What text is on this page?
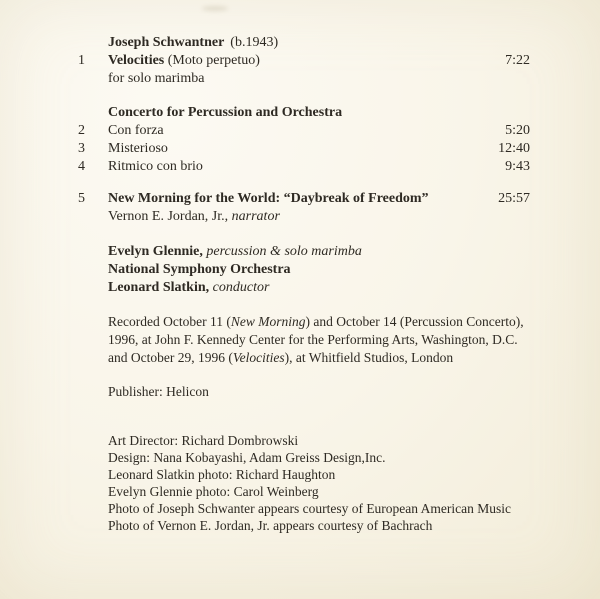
Joseph Schwantner (b.1943)
1	Velocities (Moto perpetuo)	7:22
for solo marimba
Concerto for Percussion and Orchestra
2	Con forza	5:20
3	Misterioso	12:40
4	Ritmico con brio	9:43
5	New Morning for the World: “Daybreak of Freedom”	25:57
Vernon E. Jordan, Jr., narrator
Evelyn Glennie, percussion & solo marimba
National Symphony Orchestra
Leonard Slatkin, conductor
Recorded October 11 (New Morning) and October 14 (Percussion Concerto),
1996, at John F. Kennedy Center for the Performing Arts, Washington, D.C.
and October 29, 1996 (Velocities), at Whitfield Studios, London
Publisher: Helicon
Art Director: Richard Dombrowski
Design: Nana Kobayashi, Adam Greiss Design,Inc.
Leonard Slatkin photo: Richard Haughton
Evelyn Glennie photo: Carol Weinberg
Photo of Joseph Schwanter appears courtesy of European American Music
Photo of Vernon E. Jordan, Jr. appears courtesy of Bachrach
